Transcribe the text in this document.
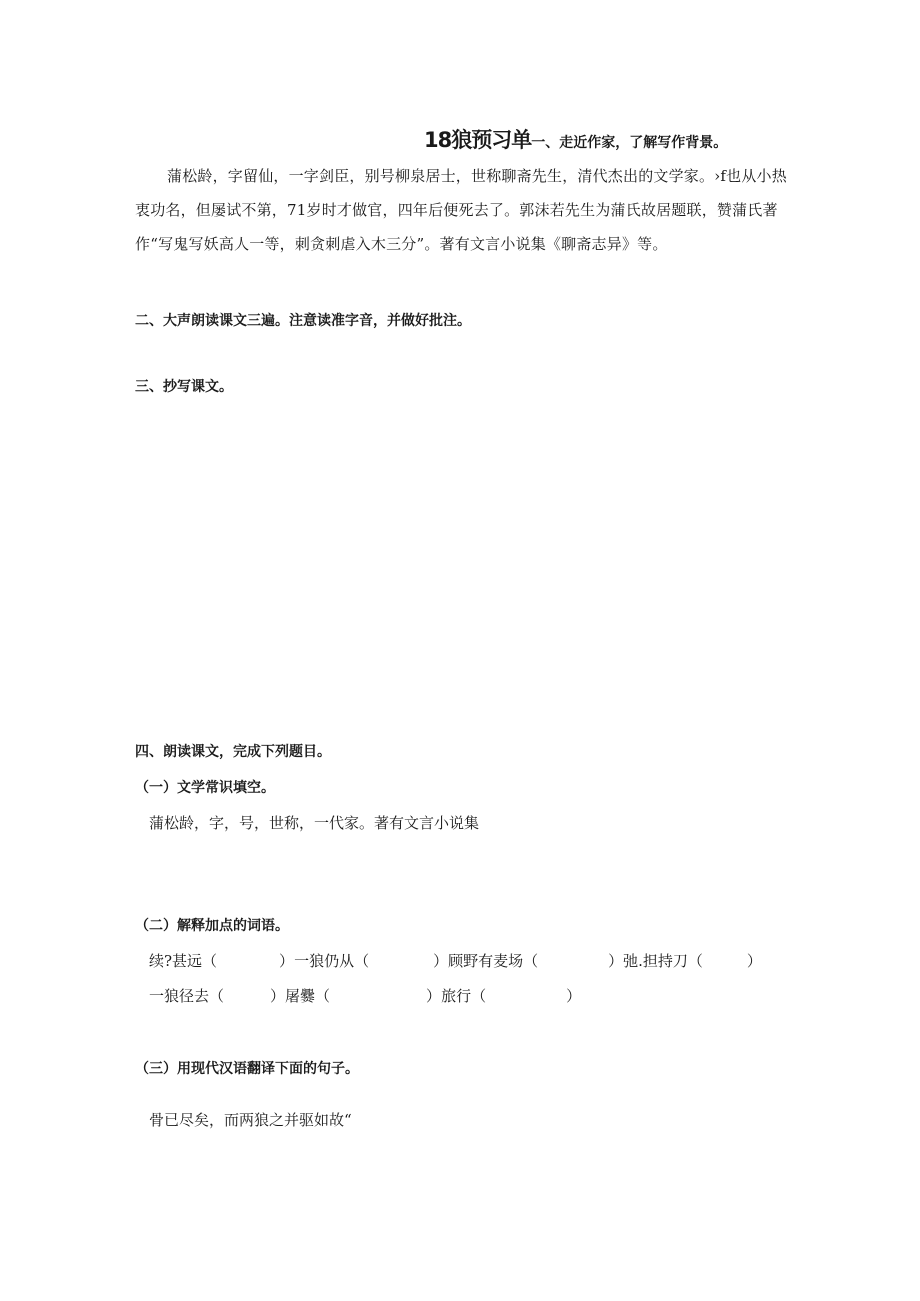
18狼预习单一、走近作家，了解写作背景。
蒲松龄，字留仙，一字剑臣，别号柳泉居士，世称聊斋先生，清代杰出的文学家。›f也从小热
衷功名，但屡试不第，71岁时才做官，四年后便死去了。郭沫若先生为蒲氏故居题联，赞蒲氏著
作“写鬼写妖高人一等，刺贪刺虐入木三分”。著有文言小说集《聊斋志异》等。
二、大声朗读课文三遍。注意读准字音，并做好批注。
三、抄写课文。
四、朗读课文，完成下列题目。
（一）文学常识填空。
蒲松龄，字，号，世称，一代家。著有文言小说集
（二）解释加点的词语。
续?甚远（	）一狼仍从（	）顾野有麦场（	）弛.担持刀（	）
一狼径去（	）屠爨（	）旅行（	）
（三）用现代汉语翻译下面的句子。
骨已尽矣，而两狼之并驱如故“
